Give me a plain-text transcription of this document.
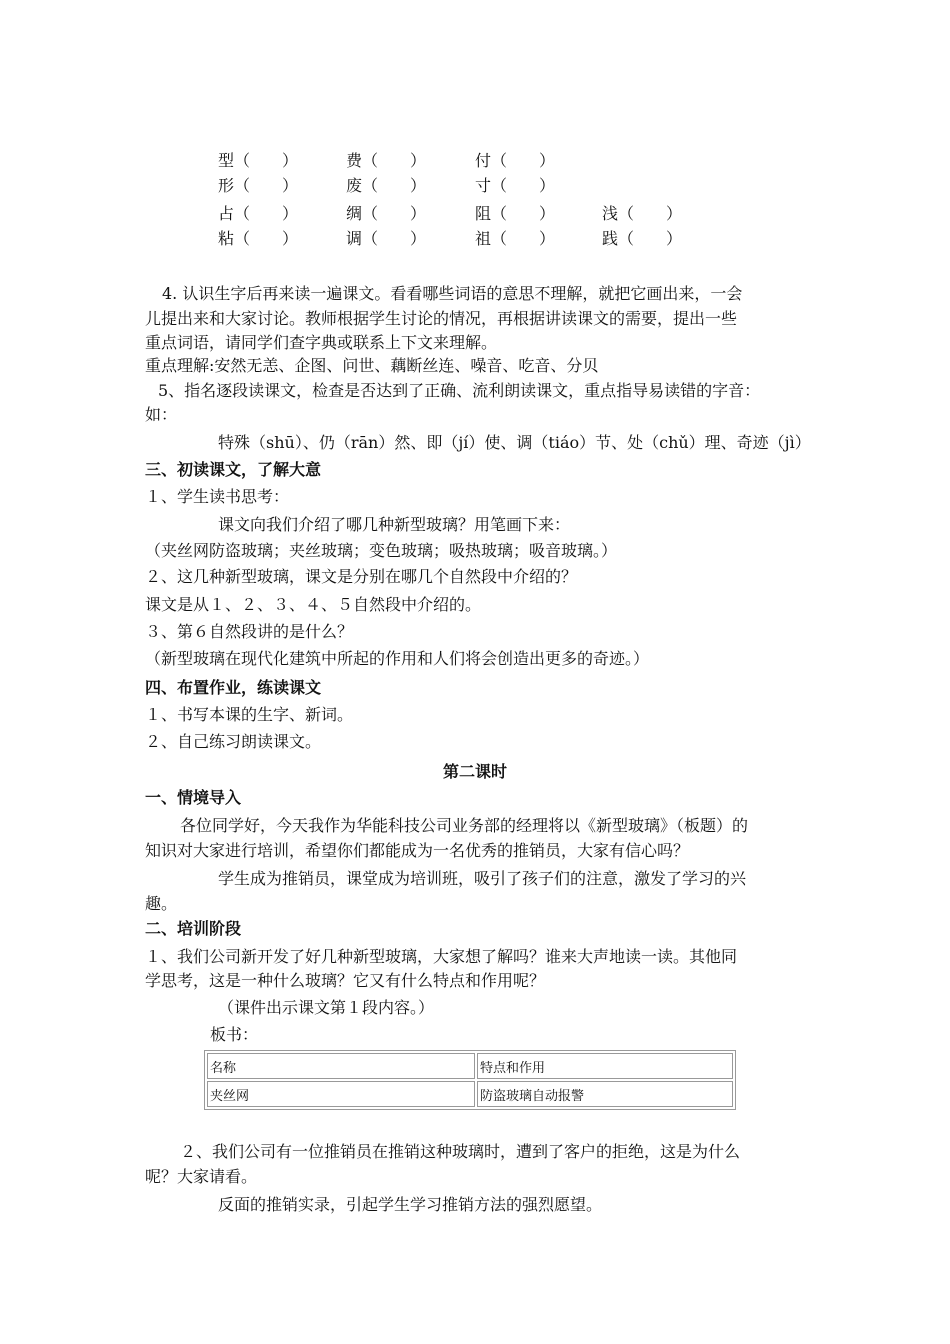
型（　　）	费（　　）	付（　　）
形（　　）	废（　　）	寸（　　）
占（　　）	绸（　　）	阻（　　）	浅（　　）
粘（　　）	调（　　）	祖（　　）	践（　　）
4. 认识生字后再来读一遍课文。看看哪些词语的意思不理解，就把它画出来，一会
儿提出来和大家讨论。教师根据学生讨论的情况，再根据讲读课文的需要，提出一些
重点词语，请同学们查字典或联系上下文来理解。
重点理解:安然无恙、企图、问世、藕断丝连、噪音、吃音、分贝
5、指名逐段读课文，检查是否达到了正确、流利朗读课文，重点指导易读错的字音：
如：
特殊（shū）、仍（rān）然、即（jí）使、调（tiáo）节、处（chǔ）理、奇迹（jì）
三、初读课文，了解大意
１、学生读书思考：
课文向我们介绍了哪几种新型玻璃？用笔画下来：
（夹丝网防盗玻璃；夹丝玻璃；变色玻璃；吸热玻璃；吸音玻璃。）
２、这几种新型玻璃，课文是分别在哪几个自然段中介绍的？
课文是从１、２、３、４、５自然段中介绍的。
３、第６自然段讲的是什么？
（新型玻璃在现代化建筑中所起的作用和人们将会创造出更多的奇迹。）
四、布置作业，练读课文
１、书写本课的生字、新词。
２、自己练习朗读课文。
第二课时
一、情境导入
各位同学好，今天我作为华能科技公司业务部的经理将以《新型玻璃》（板题）的
知识对大家进行培训，希望你们都能成为一名优秀的推销员，大家有信心吗？
学生成为推销员，课堂成为培训班，吸引了孩子们的注意，激发了学习的兴
趣。
二、培训阶段
１、我们公司新开发了好几种新型玻璃，大家想了解吗？谁来大声地读一读。其他同
学思考，这是一种什么玻璃？它又有什么特点和作用呢？
（课件出示课文第１段内容。）
板书：
名称	特点和作用
夹丝网	防盗玻璃自动报警
２、我们公司有一位推销员在推销这种玻璃时，遭到了客户的拒绝，这是为什么
呢？大家请看。
反面的推销实录，引起学生学习推销方法的强烈愿望。
